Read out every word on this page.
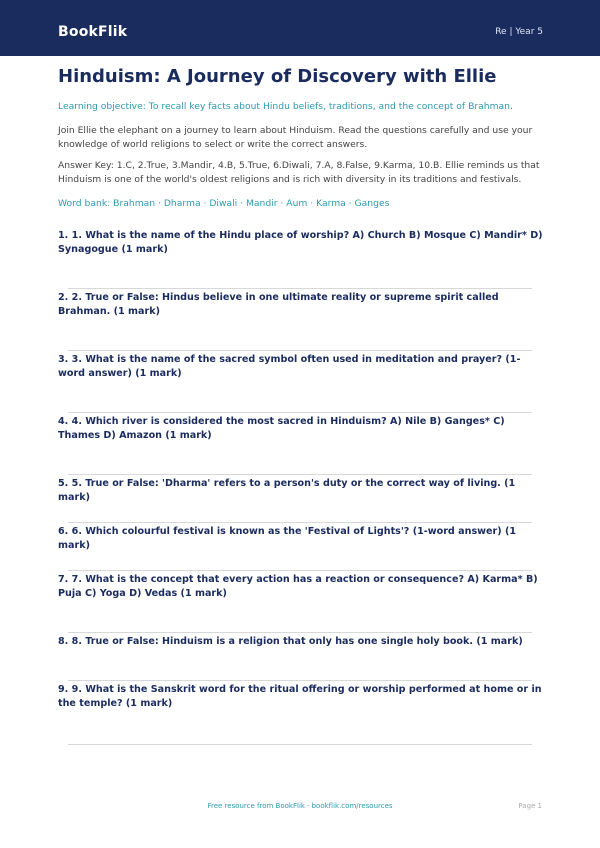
BookFlik	Re | Year 5
Hinduism: A Journey of Discovery with Ellie

Learning objective: To recall key facts about Hindu beliefs, traditions, and the concept of Brahman.

Join Ellie the elephant on a journey to learn about Hinduism. Read the questions carefully and use your knowledge of world religions to select or write the correct answers.

Answer Key: 1.C, 2.True, 3.Mandir, 4.B, 5.True, 6.Diwali, 7.A, 8.False, 9.Karma, 10.B. Ellie reminds us that Hinduism is one of the world's oldest religions and is rich with diversity in its traditions and festivals.

Word bank: Brahman · Dharma · Diwali · Mandir · Aum · Karma · Ganges

1. 1. What is the name of the Hindu place of worship? A) Church B) Mosque C) Mandir* D) Synagogue (1 mark)
2. 2. True or False: Hindus believe in one ultimate reality or supreme spirit called Brahman. (1 mark)
3. 3. What is the name of the sacred symbol often used in meditation and prayer? (1-word answer) (1 mark)
4. 4. Which river is considered the most sacred in Hinduism? A) Nile B) Ganges* C) Thames D) Amazon (1 mark)
5. 5. True or False: 'Dharma' refers to a person's duty or the correct way of living. (1 mark)
6. 6. Which colourful festival is known as the 'Festival of Lights'? (1-word answer) (1 mark)
7. 7. What is the concept that every action has a reaction or consequence? A) Karma* B) Puja C) Yoga D) Vedas (1 mark)
8. 8. True or False: Hinduism is a religion that only has one single holy book. (1 mark)
9. 9. What is the Sanskrit word for the ritual offering or worship performed at home or in the temple? (1 mark)
Free resource from BookFlik · bookflik.com/resources	Page 1
